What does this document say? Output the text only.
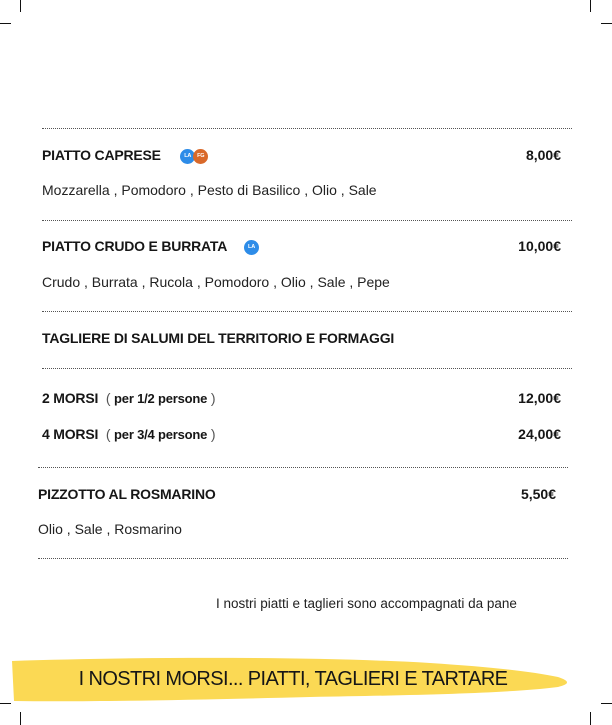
PIATTO CAPRESE	LA FG	8,00€
Mozzarella , Pomodoro , Pesto di Basilico , Olio , Sale
PIATTO CRUDO E BURRATA	LA	10,00€
Crudo , Burrata , Rucola , Pomodoro , Olio , Sale , Pepe
TAGLIERE DI SALUMI DEL TERRITORIO E FORMAGGI
2 MORSI ( per 1/2 persone )	12,00€
4 MORSI ( per 3/4 persone )	24,00€
PIZZOTTO AL ROSMARINO	5,50€
Olio , Sale , Rosmarino
I nostri piatti e taglieri sono accompagnati da pane
I NOSTRI MORSI... PIATTI, TAGLIERI E TARTARE
